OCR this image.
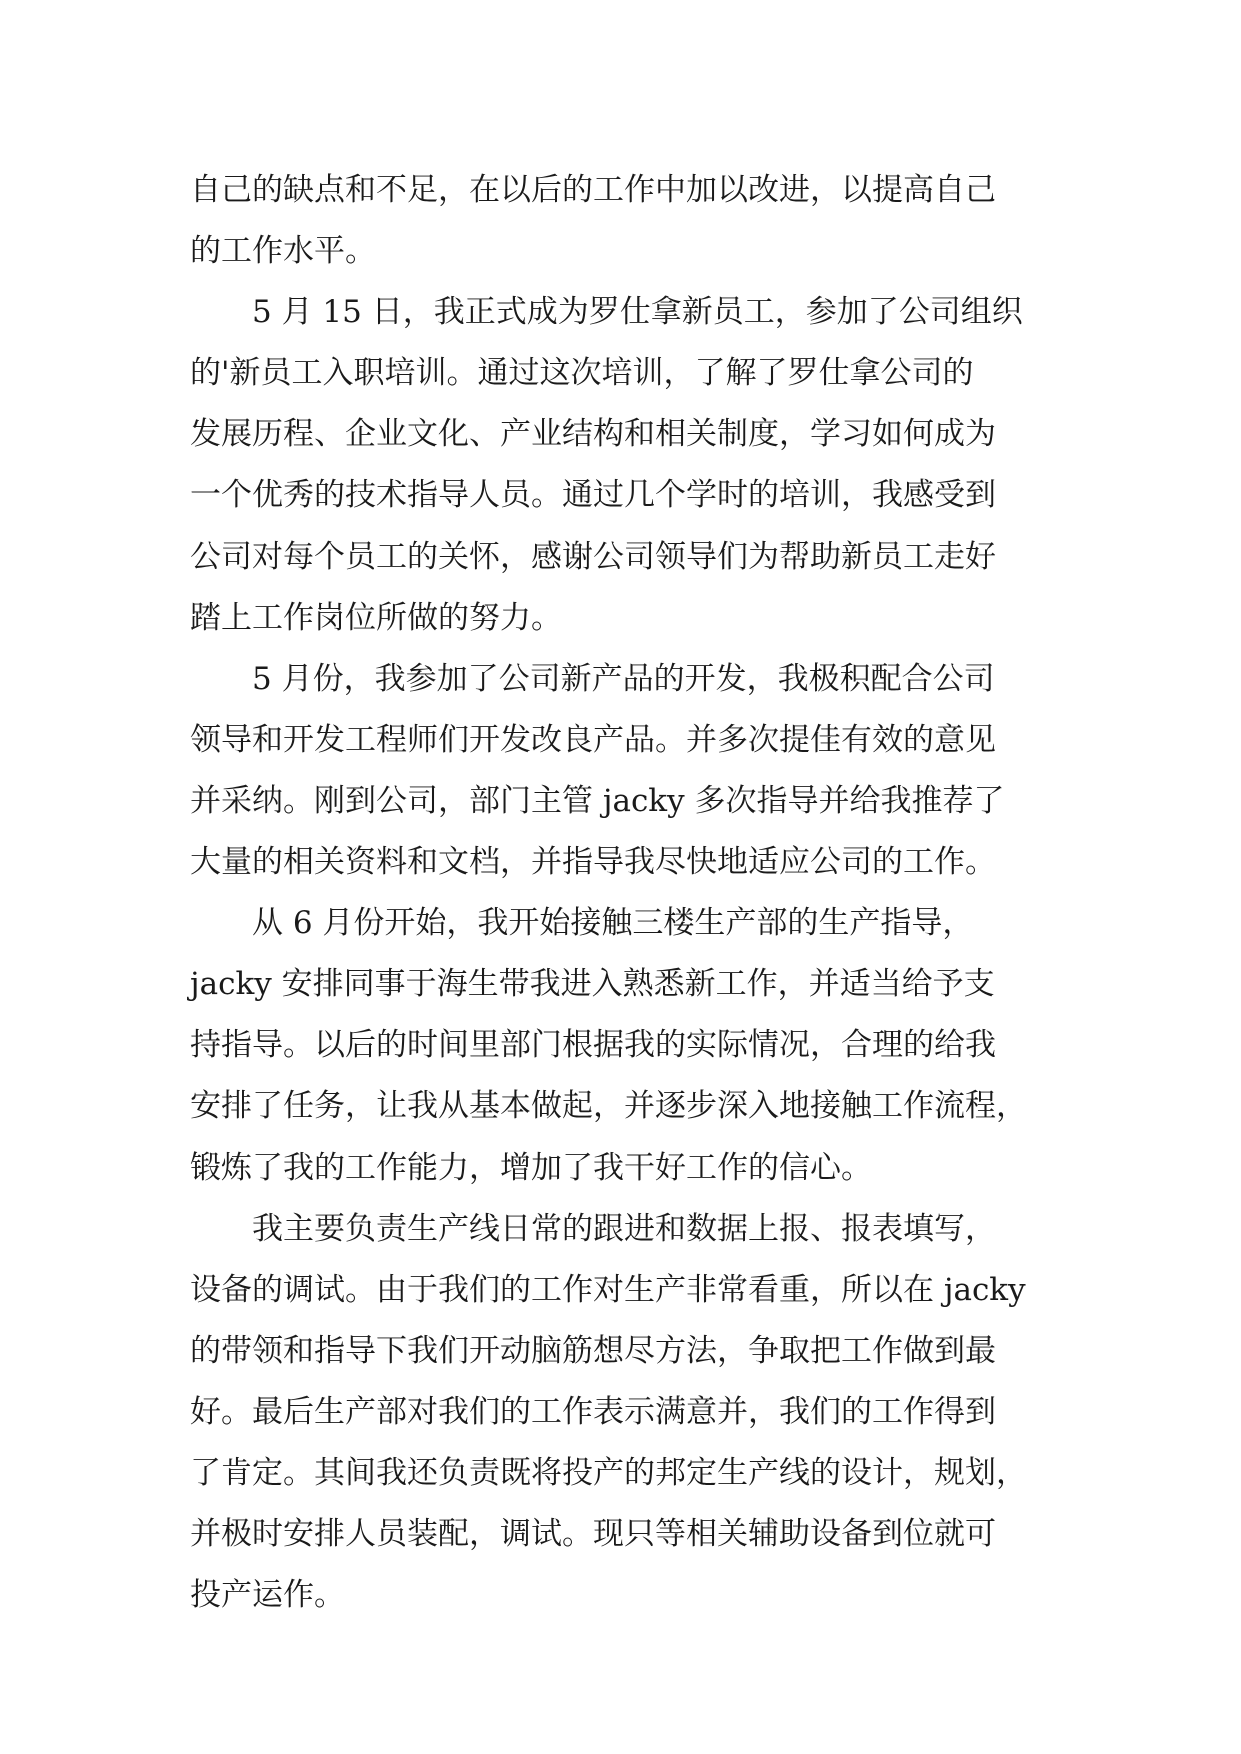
自己的缺点和不足，在以后的工作中加以改进，以提高自己
的工作水平。
5 月 15 日，我正式成为罗仕拿新员工，参加了公司组织
的'新员工入职培训。通过这次培训，了解了罗仕拿公司的
发展历程、企业文化、产业结构和相关制度，学习如何成为
一个优秀的技术指导人员。通过几个学时的培训，我感受到
公司对每个员工的关怀，感谢公司领导们为帮助新员工走好
踏上工作岗位所做的努力。
5 月份，我参加了公司新产品的开发，我极积配合公司
领导和开发工程师们开发改良产品。并多次提佳有效的意见
并采纳。刚到公司，部门主管 jacky 多次指导并给我推荐了
大量的相关资料和文档，并指导我尽快地适应公司的工作。
从 6 月份开始，我开始接触三楼生产部的生产指导，
jacky 安排同事于海生带我进入熟悉新工作，并适当给予支
持指导。以后的时间里部门根据我的实际情况，合理的给我
安排了任务，让我从基本做起，并逐步深入地接触工作流程，
锻炼了我的工作能力，增加了我干好工作的信心。
我主要负责生产线日常的跟进和数据上报、报表填写，
设备的调试。由于我们的工作对生产非常看重，所以在 jacky
的带领和指导下我们开动脑筋想尽方法，争取把工作做到最
好。最后生产部对我们的工作表示满意并，我们的工作得到
了肯定。其间我还负责既将投产的邦定生产线的设计，规划，
并极时安排人员装配，调试。现只等相关辅助设备到位就可
投产运作。
